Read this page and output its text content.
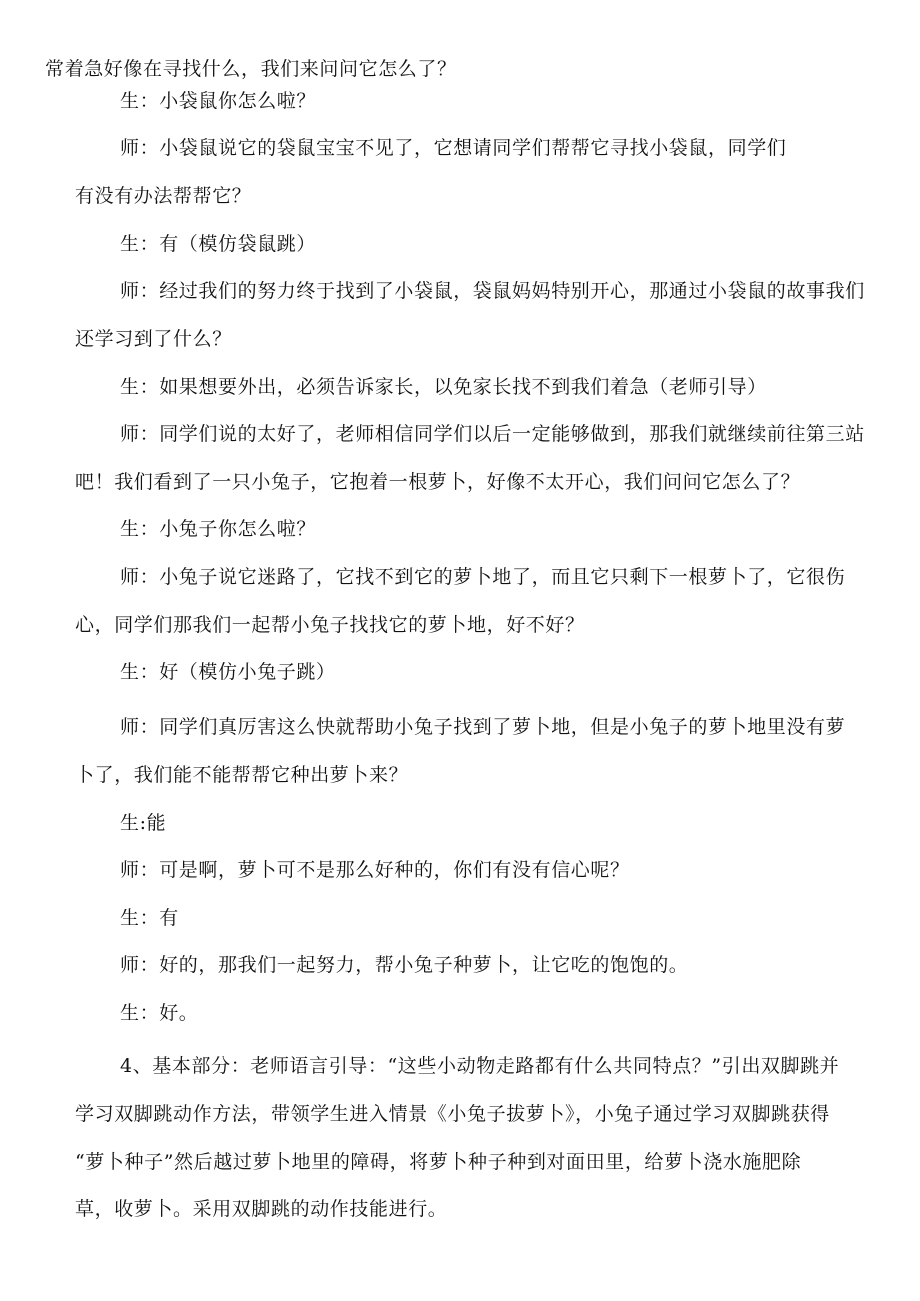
常着急好像在寻找什么，我们来问问它怎么了？
生：小袋鼠你怎么啦？
师：小袋鼠说它的袋鼠宝宝不见了，它想请同学们帮帮它寻找小袋鼠，同学们
有没有办法帮帮它？
生：有（模仿袋鼠跳）
师：经过我们的努力终于找到了小袋鼠，袋鼠妈妈特别开心，那通过小袋鼠的故事我们
还学习到了什么？
生：如果想要外出，必须告诉家长，以免家长找不到我们着急（老师引导）
师：同学们说的太好了，老师相信同学们以后一定能够做到，那我们就继续前往第三站
吧！我们看到了一只小兔子，它抱着一根萝卜，好像不太开心，我们问问它怎么了？
生：小兔子你怎么啦？
师：小兔子说它迷路了，它找不到它的萝卜地了，而且它只剩下一根萝卜了，它很伤
心，同学们那我们一起帮小兔子找找它的萝卜地，好不好？
生：好（模仿小兔子跳）
师：同学们真厉害这么快就帮助小兔子找到了萝卜地，但是小兔子的萝卜地里没有萝
卜了，我们能不能帮帮它种出萝卜来？
生:能
师：可是啊，萝卜可不是那么好种的，你们有没有信心呢？
生：有
师：好的，那我们一起努力，帮小兔子种萝卜，让它吃的饱饱的。
生：好。
4、基本部分：老师语言引导：“这些小动物走路都有什么共同特点？”引出双脚跳并
学习双脚跳动作方法，带领学生进入情景《小兔子拔萝卜》，小兔子通过学习双脚跳获得
“萝卜种子”然后越过萝卜地里的障碍，将萝卜种子种到对面田里，给萝卜浇水施肥除
草，收萝卜。采用双脚跳的动作技能进行。
